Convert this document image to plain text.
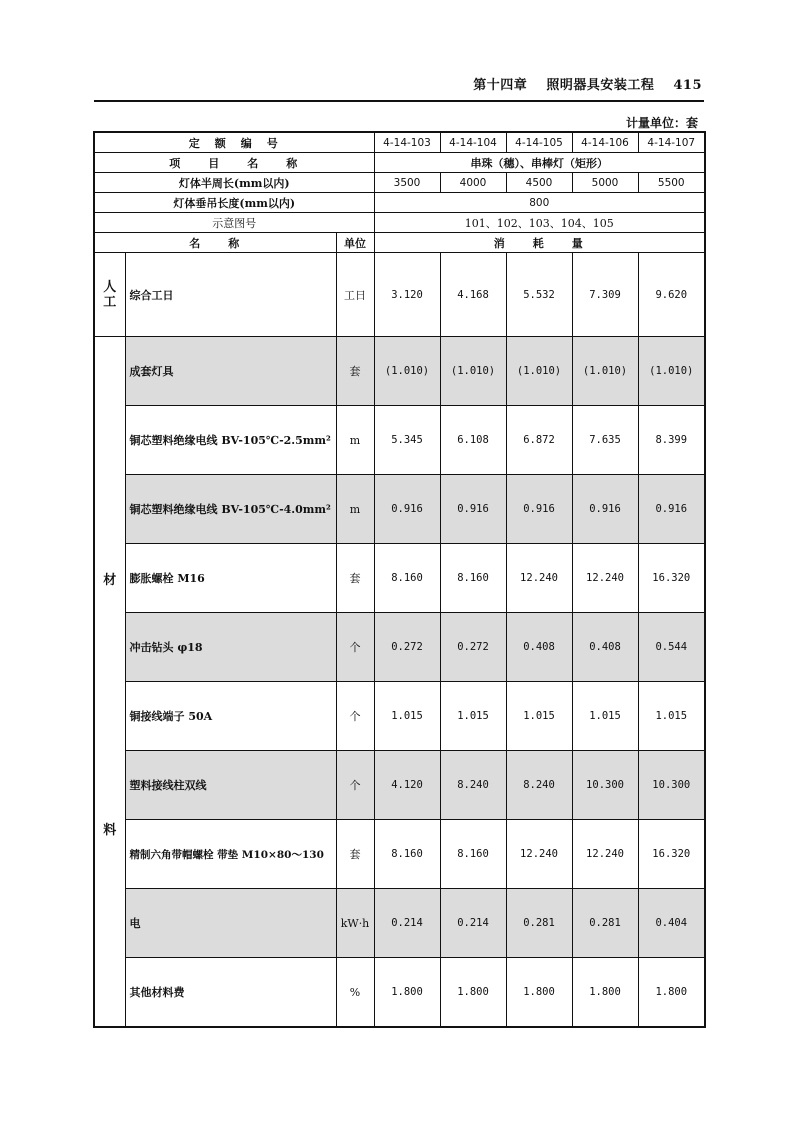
第十四章 照明器具安装工程 415
计量单位：套
定　额　编　号			4-14-103	4-14-104	4-14-105	4-14-106	4-14-107
项　　目　　名　　称			串珠（穗）、串棒灯（矩形）				
灯体半周长(mm以内)			3500	4000	4500	5000	5500
灯体垂吊长度(mm以内)			800				
示意图号			101、102、103、104、105				
名　　称		单位	消　　耗　　量				
人工	综合工日	工日	3.120	4.168	5.532	7.309	9.620

材
料	成套灯具	套	(1.010)	(1.010)	(1.010)	(1.010)	(1.010)
	铜芯塑料绝缘电线 BV-105℃-2.5mm²	m	5.345	6.108	6.872	7.635	8.399
	铜芯塑料绝缘电线 BV-105℃-4.0mm²	m	0.916	0.916	0.916	0.916	0.916
	膨胀螺栓 M16	套	8.160	8.160	12.240	12.240	16.320
	冲击钻头 φ18	个	0.272	0.272	0.408	0.408	0.544
	铜接线端子 50A	个	1.015	1.015	1.015	1.015	1.015
	塑料接线柱双线	个	4.120	8.240	8.240	10.300	10.300
	精制六角带帽螺栓 带垫 M10×80～130	套	8.160	8.160	12.240	12.240	16.320
	电	kW·h	0.214	0.214	0.281	0.281	0.404
	其他材料费	%	1.800	1.800	1.800	1.800	1.800
